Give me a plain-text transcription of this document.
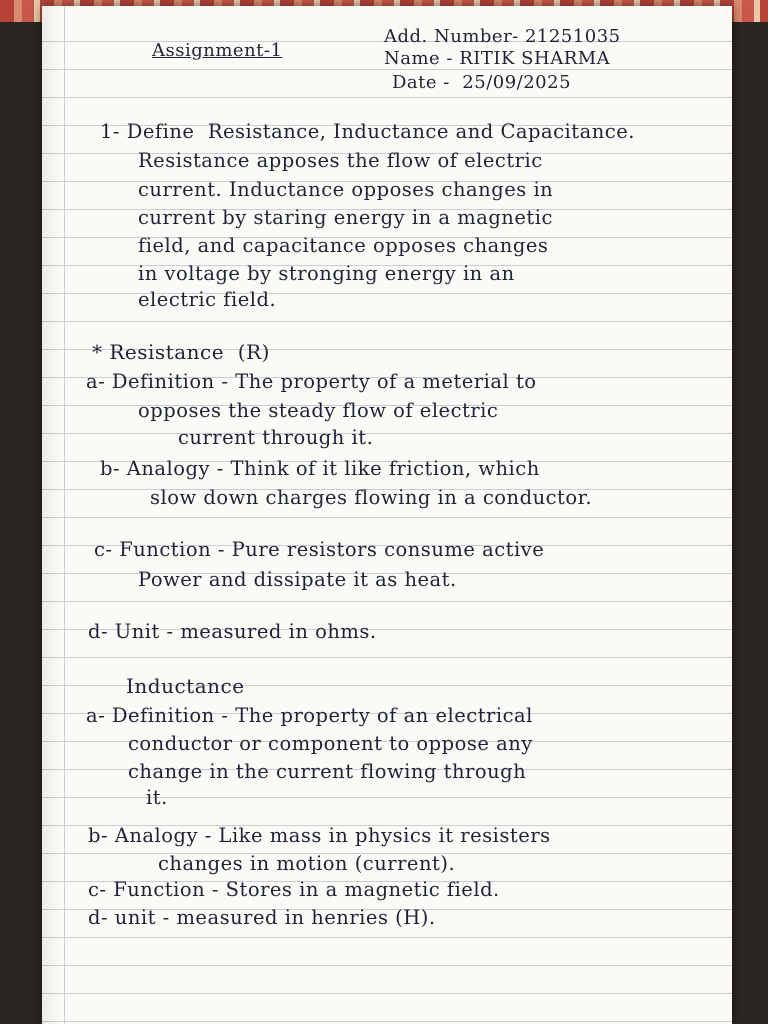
Assignment-1

Add. Number- 21251035

Name - RITIK SHARMA

Date -  25/09/2025

1- Define  Resistance, Inductance and Capacitance.

Resistance apposes the flow of electric

current. Inductance opposes changes in

current by staring energy in a magnetic

field, and capacitance opposes changes

in voltage by stronging energy in an

electric field.

* Resistance  (R)

a- Definition - The property of a meterial to

opposes the steady flow of electric

current through it.

b- Analogy - Think of it like friction, which

slow down charges flowing in a conductor.

c- Function - Pure resistors consume active

Power and dissipate it as heat.

d- Unit - measured in ohms.

Inductance

a- Definition - The property of an electrical

conductor or component to oppose any

change in the current flowing through

it.

b- Analogy - Like mass in physics it resisters

changes in motion (current).

c- Function - Stores in a magnetic field.

d- unit - measured in henries (H).
